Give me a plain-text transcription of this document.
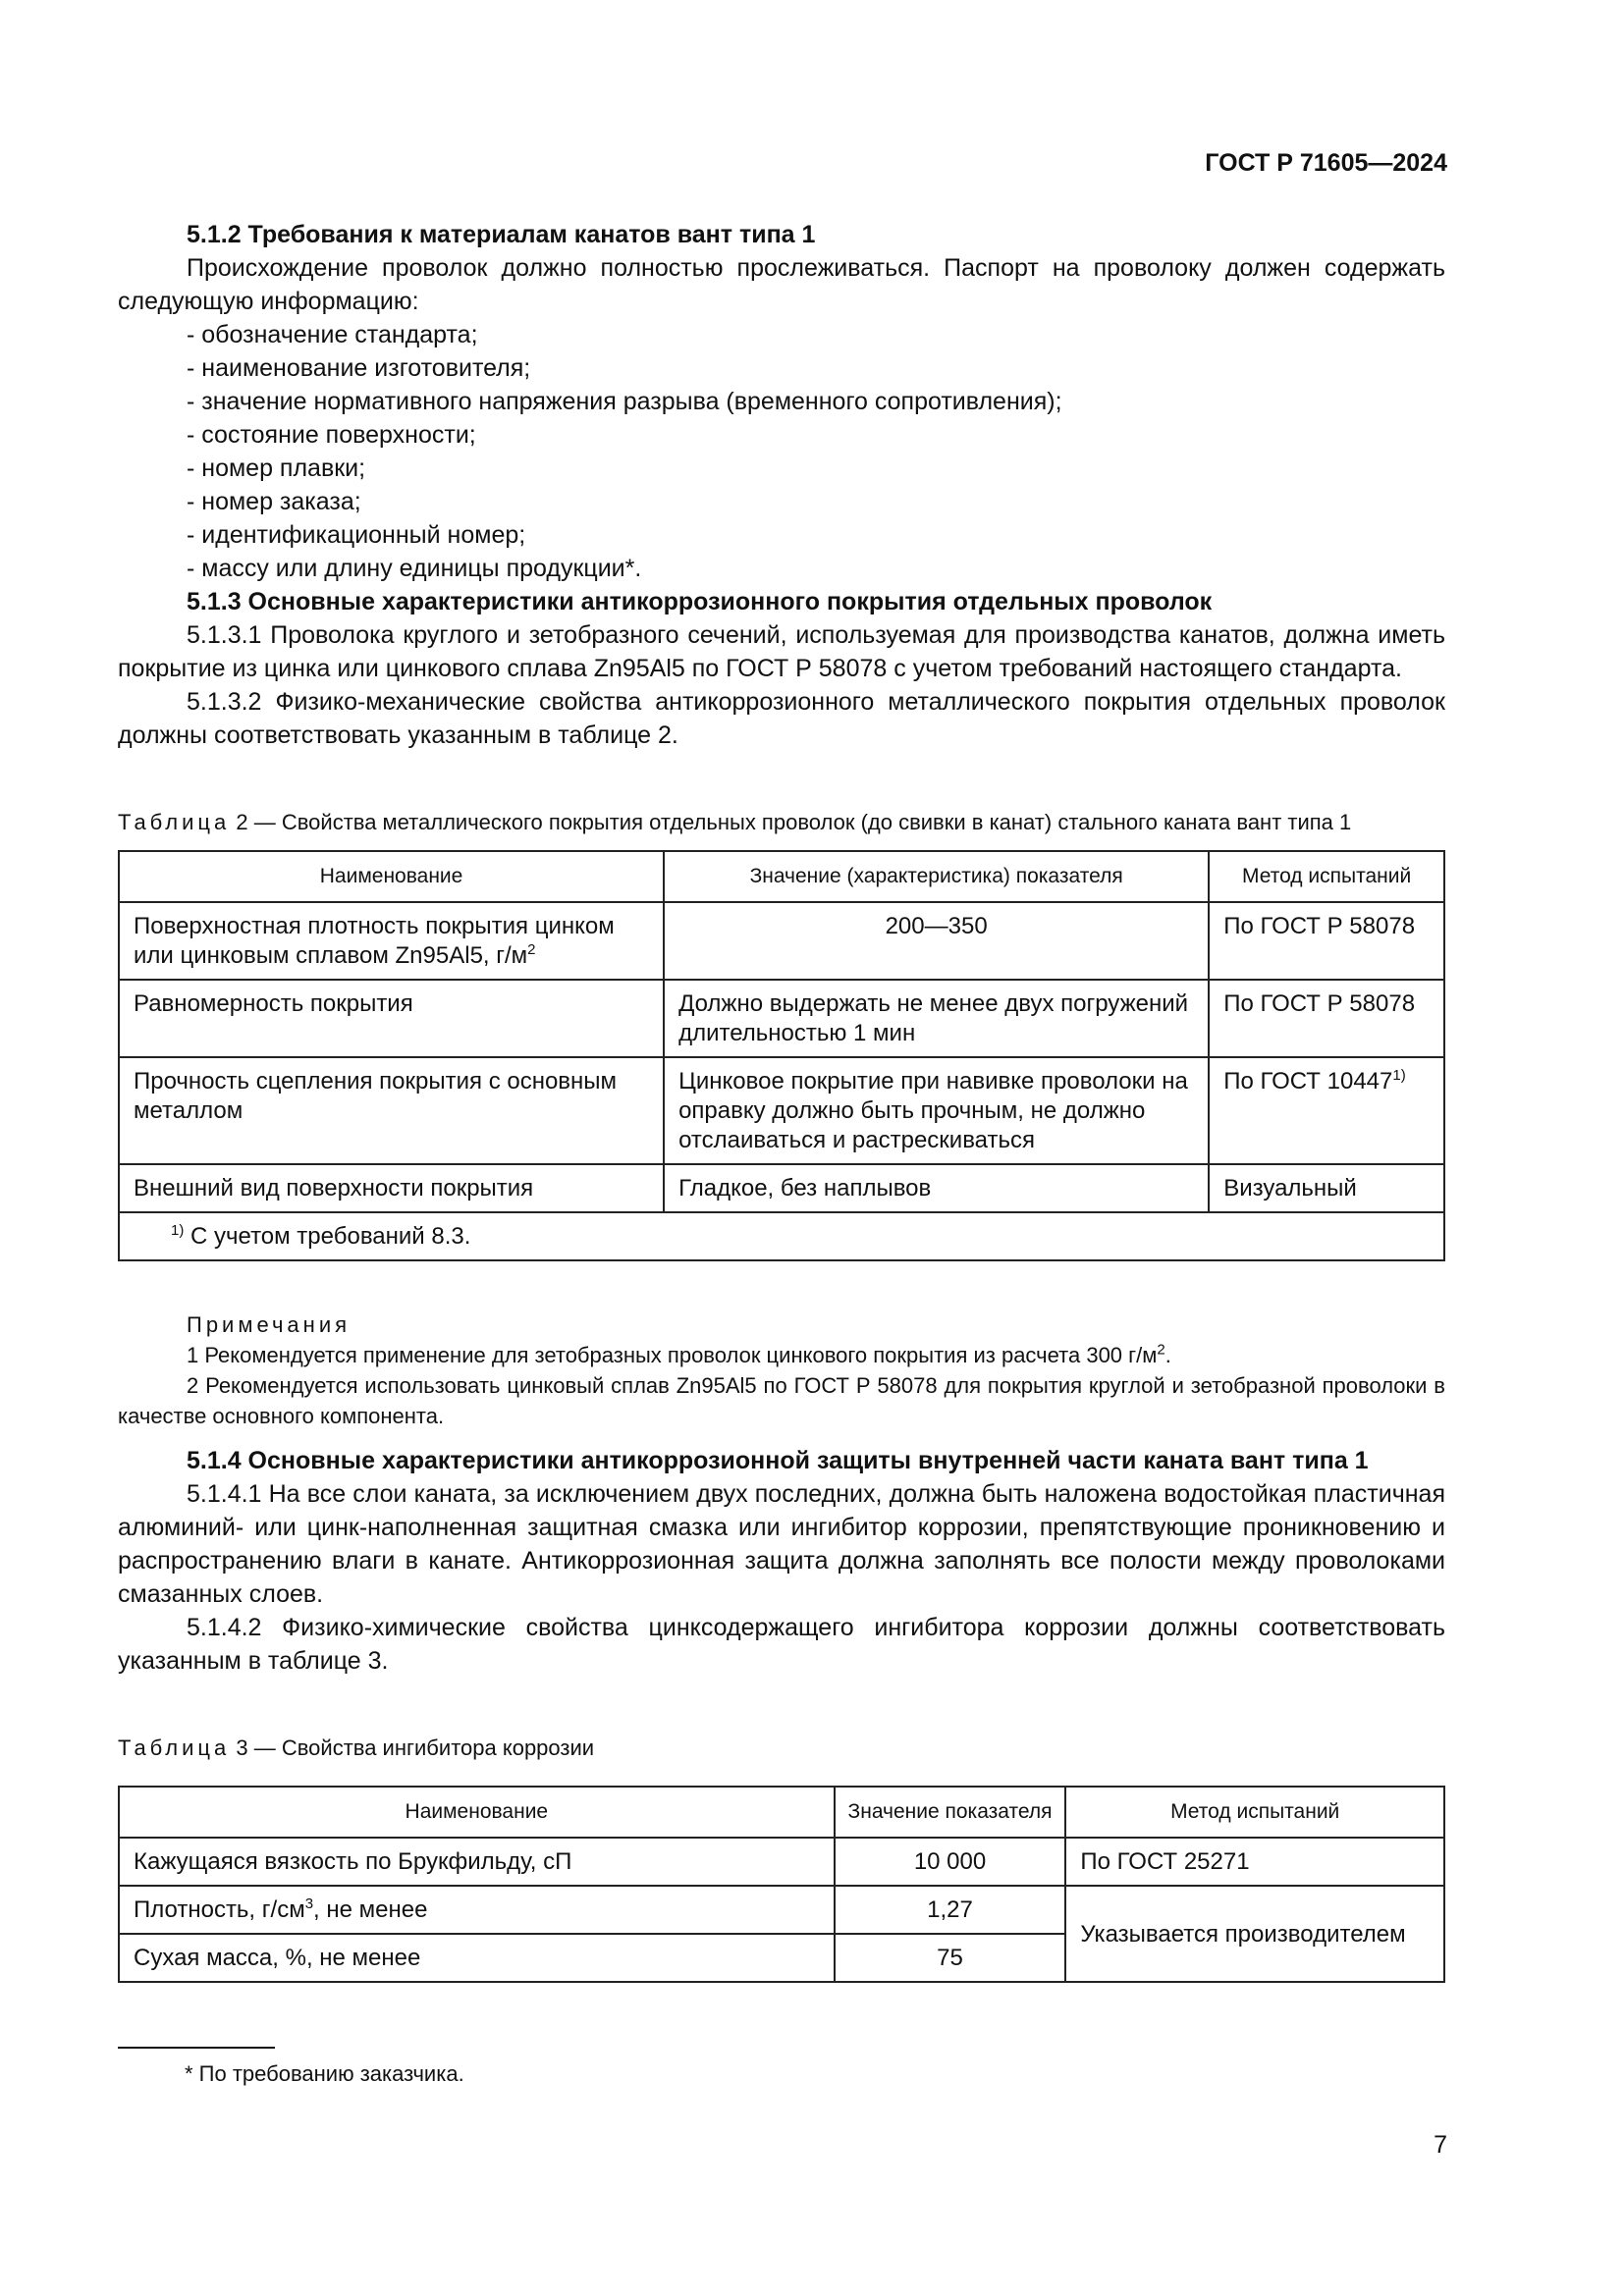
ГОСТ Р 71605—2024

5.1.2 Требования к материалам канатов вант типа 1

Происхождение проволок должно полностью прослеживаться. Паспорт на проволоку должен содержать следующую информацию:

- обозначение стандарта;

- наименование изготовителя;

- значение нормативного напряжения разрыва (временного сопротивления);

- состояние поверхности;

- номер плавки;

- номер заказа;

- идентификационный номер;

- массу или длину единицы продукции*.

5.1.3 Основные характеристики антикоррозионного покрытия отдельных проволок

5.1.3.1 Проволока круглого и зетобразного сечений, используемая для производства канатов, должна иметь покрытие из цинка или цинкового сплава Zn95Al5 по ГОСТ Р 58078 с учетом требований настоящего стандарта.

5.1.3.2 Физико-механические свойства антикоррозионного металлического покрытия отдельных проволок должны соответствовать указанным в таблице 2.

Таблица 2 — Свойства металлического покрытия отдельных проволок (до свивки в канат) стального каната вант типа 1

Наименование	Значение (характеристика) показателя	Метод испытаний
Поверхностная плотность покрытия цинком или цинковым сплавом Zn95Al5, $г/м^2$	200—350	По ГОСТ Р 58078
Равномерность покрытия	Должно выдержать не менее двух погружений длительностью 1 мин	По ГОСТ Р 58078
Прочность сцепления покрытия с основным металлом	Цинковое покрытие при навивке проволоки на оправку должно быть прочным, не должно отслаиваться и растрескиваться	По ГОСТ 10447$^{1)}$
Внешний вид поверхности покрытия	Гладкое, без наплывов	Визуальный
$^{1)}$ С учетом требований 8.3.		

Примечания

1 Рекомендуется применение для зетобразных проволок цинкового покрытия из расчета 300 $г/м^2$.

2 Рекомендуется использовать цинковый сплав Zn95Al5 по ГОСТ Р 58078 для покрытия круглой и зетобразной проволоки в качестве основного компонента.

5.1.4 Основные характеристики антикоррозионной защиты внутренней части каната вант типа 1

5.1.4.1 На все слои каната, за исключением двух последних, должна быть наложена водостойкая пластичная алюминий- или цинк-наполненная защитная смазка или ингибитор коррозии, препятствующие проникновению и распространению влаги в канате. Антикоррозионная защита должна заполнять все полости между проволоками смазанных слоев.

5.1.4.2 Физико-химические свойства цинксодержащего ингибитора коррозии должны соответствовать указанным в таблице 3.

Таблица 3 — Свойства ингибитора коррозии

Наименование	Значение показателя	Метод испытаний
Кажущаяся вязкость по Брукфильду, сП	10 000	По ГОСТ 25271
Плотность, $г/см^3$, не менее	1,27	Указывается производителем
Сухая масса, %, не менее	75	
* По требованию заказчика.
7
